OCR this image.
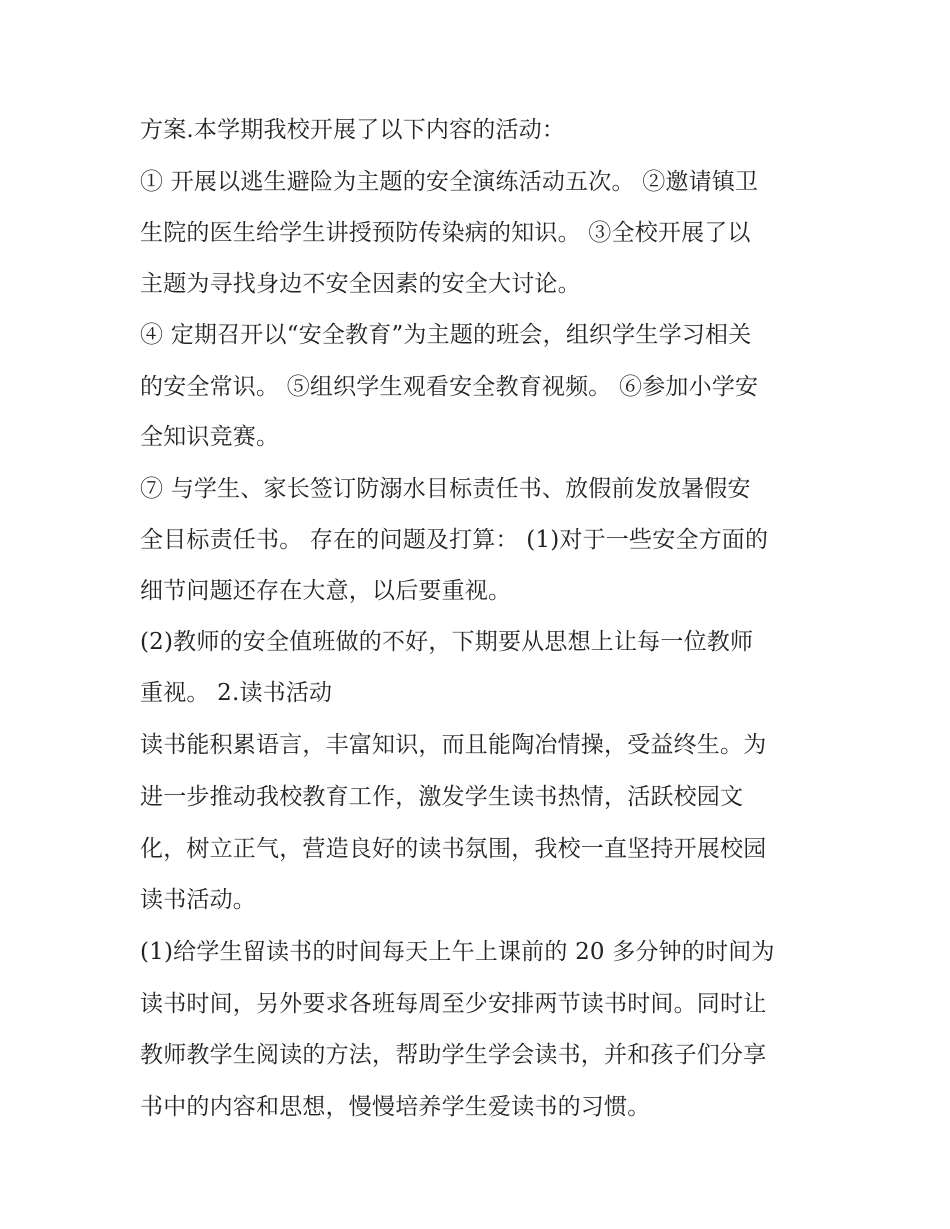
方案.本学期我校开展了以下内容的活动：
① 开展以逃生避险为主题的安全演练活动五次。 ②邀请镇卫
生院的医生给学生讲授预防传染病的知识。 ③全校开展了以
主题为寻找身边不安全因素的安全大讨论。
④ 定期召开以“安全教育”为主题的班会，组织学生学习相关
的安全常识。 ⑤组织学生观看安全教育视频。 ⑥参加小学安
全知识竞赛。
⑦ 与学生、家长签订防溺水目标责任书、放假前发放暑假安
全目标责任书。 存在的问题及打算： (1)对于一些安全方面的
细节问题还存在大意，以后要重视。
(2)教师的安全值班做的不好，下期要从思想上让每一位教师
重视。 2.读书活动
读书能积累语言，丰富知识，而且能陶冶情操，受益终生。为
进一步推动我校教育工作，激发学生读书热情，活跃校园文
化，树立正气，营造良好的读书氛围，我校一直坚持开展校园
读书活动。
(1)给学生留读书的时间每天上午上课前的 20 多分钟的时间为
读书时间，另外要求各班每周至少安排两节读书时间。同时让
教师教学生阅读的方法，帮助学生学会读书，并和孩子们分享
书中的内容和思想，慢慢培养学生爱读书的习惯。
